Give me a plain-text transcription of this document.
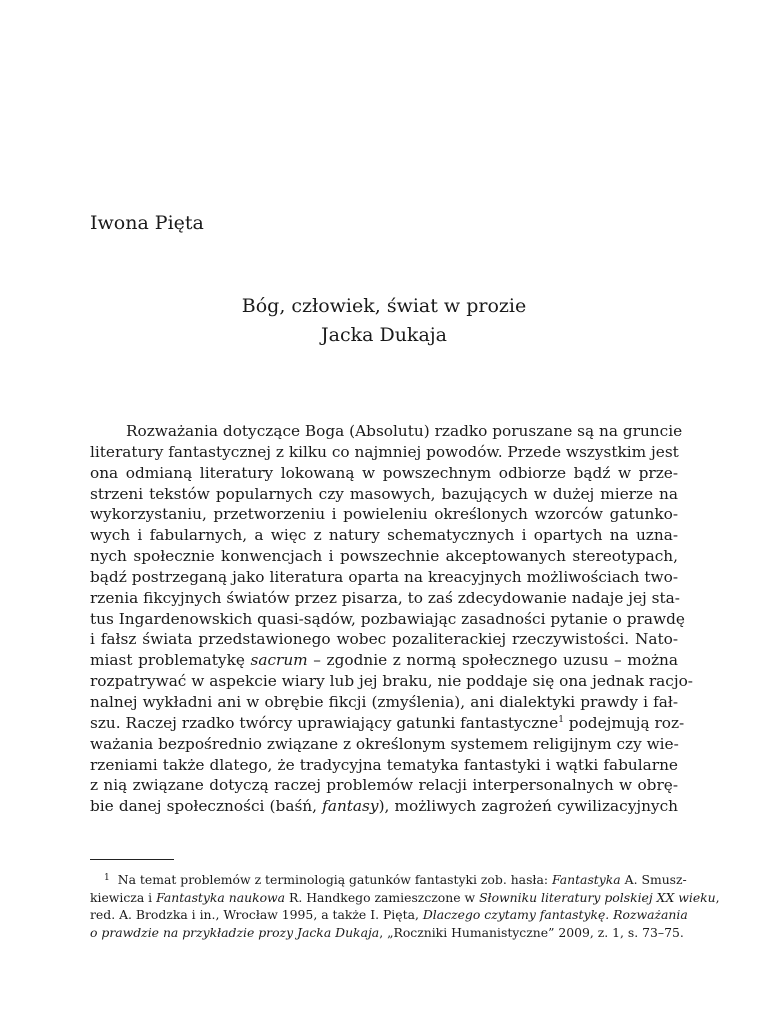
Iwona Pięta
Bóg, człowiek, świat w prozie
Jacka Dukaja
Rozważania dotyczące Boga (Absolutu) rzadko poruszane są na gruncie
literatury fantastycznej z kilku co najmniej powodów. Przede wszystkim jest
ona odmianą literatury lokowaną w powszechnym odbiorze bądź w prze-
strzeni tekstów popularnych czy masowych, bazujących w dużej mierze na
wykorzystaniu, przetworzeniu i powieleniu określonych wzorców gatunko-
wych i fabularnych, a więc z natury schematycznych i opartych na uzna-
nych społecznie konwencjach i powszechnie akceptowanych stereotypach,
bądź postrzeganą jako literatura oparta na kreacyjnych możliwościach two-
rzenia fikcyjnych światów przez pisarza, to zaś zdecydowanie nadaje jej sta-
tus Ingardenowskich quasi-sądów, pozbawiając zasadności pytanie o prawdę
i fałsz świata przedstawionego wobec pozaliterackiej rzeczywistości. Nato-
miast problematykę sacrum – zgodnie z normą społecznego uzusu – można
rozpatrywać w aspekcie wiary lub jej braku, nie poddaje się ona jednak racjo-
nalnej wykładni ani w obrębie fikcji (zmyślenia), ani dialektyki prawdy i fał-
szu. Raczej rzadko twórcy uprawiający gatunki fantastyczne$^1$ podejmują roz-
ważania bezpośrednio związane z określonym systemem religijnym czy wie-
rzeniami także dlatego, że tradycyjna tematyka fantastyki i wątki fabularne
z nią związane dotyczą raczej problemów relacji interpersonalnych w obrę-
bie danej społeczności (baśń, fantasy), możliwych zagrożeń cywilizacyjnych
$^1$ Na temat problemów z terminologią gatunków fantastyki zob. hasła: Fantastyka A. Smusz-
kiewicza i Fantastyka naukowa R. Handkego zamieszczone w Słowniku literatury polskiej XX wieku,
red. A. Brodzka i in., Wrocław 1995, a także I. Pięta, Dlaczego czytamy fantastykę. Rozważania
o prawdzie na przykładzie prozy Jacka Dukaja, „Roczniki Humanistyczne” 2009, z. 1, s. 73–75.
